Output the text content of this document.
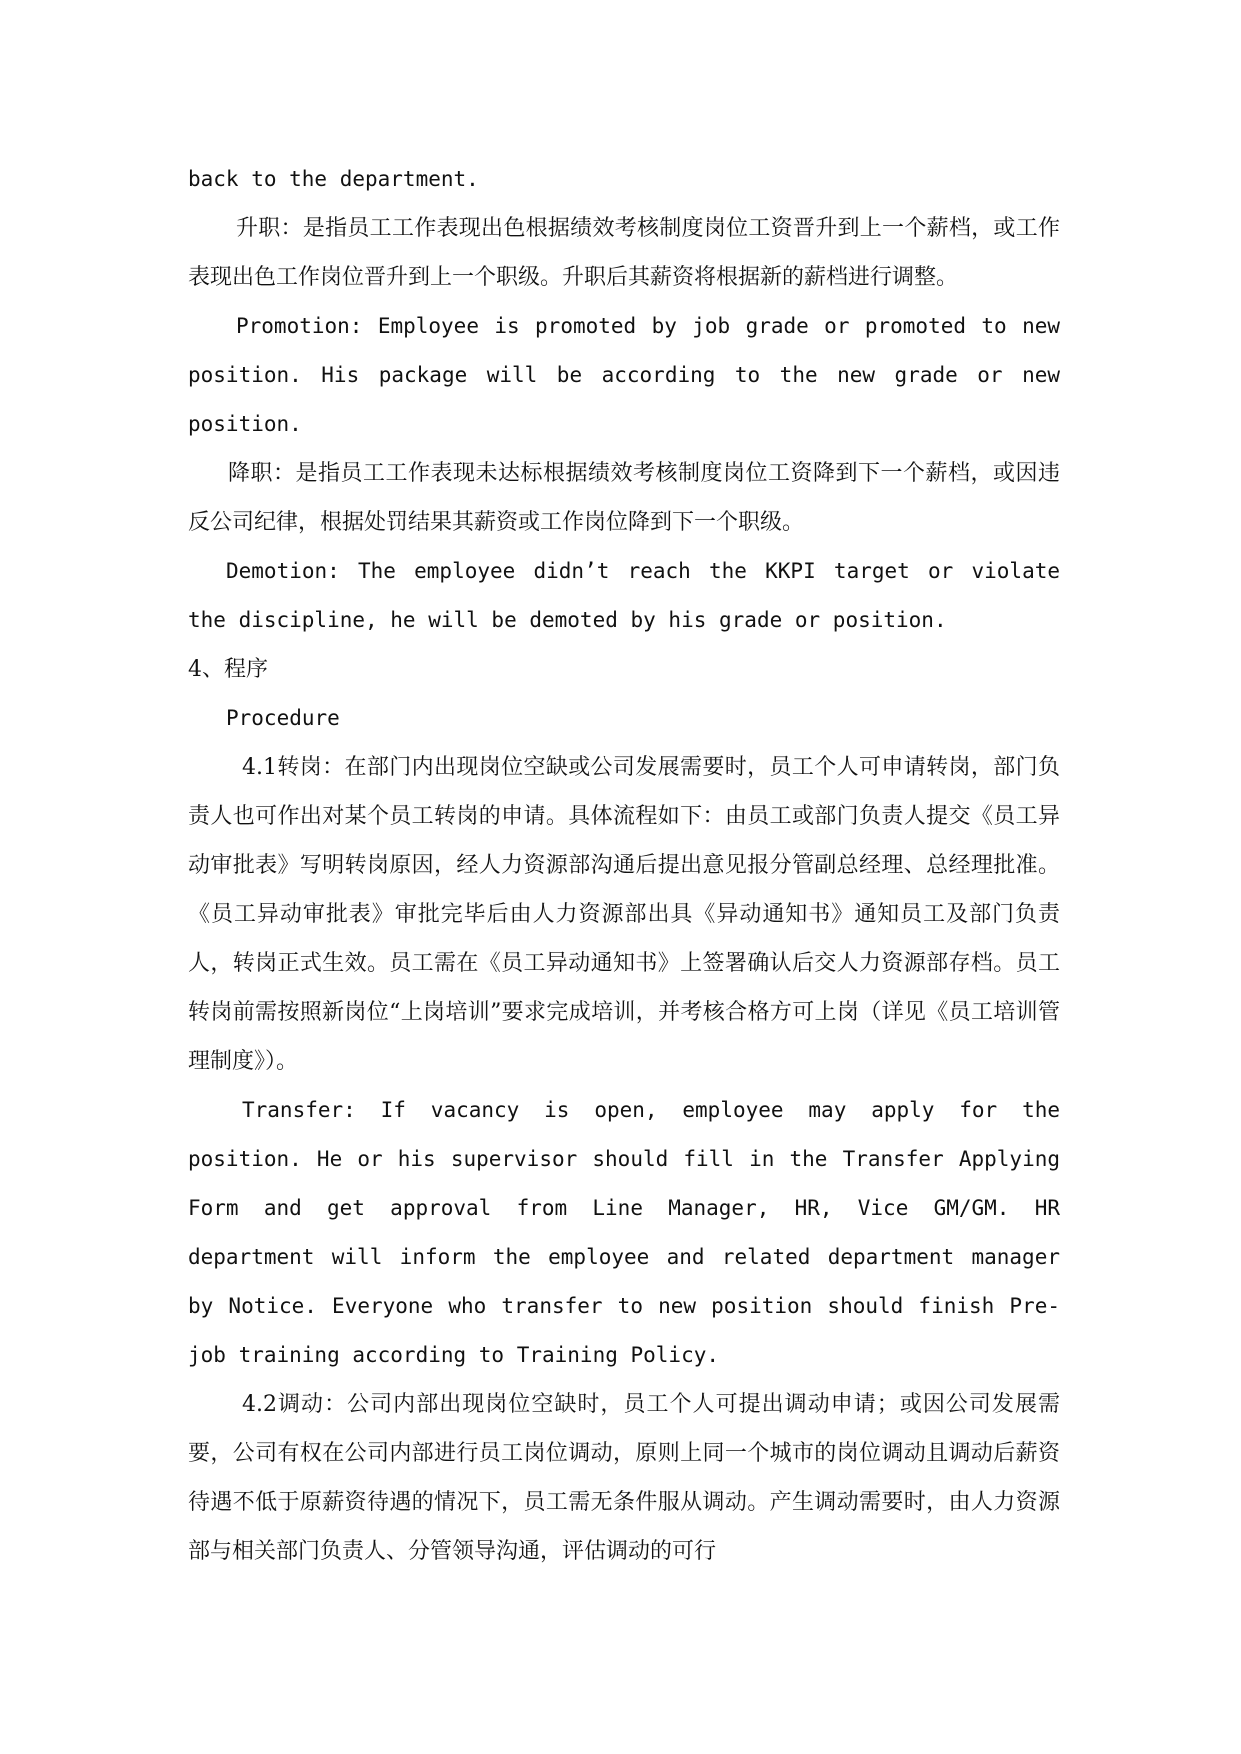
back to the department.

升职：是指员工工作表现出色根据绩效考核制度岗位工资晋升到上一个薪档，或工作表现出色工作岗位晋升到上一个职级。升职后其薪资将根据新的薪档进行调整。

Promotion: Employee is promoted by job grade or promoted to new position. His package will be according to the new grade or new position.

降职：是指员工工作表现未达标根据绩效考核制度岗位工资降到下一个薪档，或因违反公司纪律，根据处罚结果其薪资或工作岗位降到下一个职级。

Demotion: The employee didn’t reach the KKPI target or violate the discipline, he will be demoted by his grade or position.

4、程序

Procedure

4.1转岗：在部门内出现岗位空缺或公司发展需要时，员工个人可申请转岗，部门负责人也可作出对某个员工转岗的申请。具体流程如下：由员工或部门负责人提交《员工异动审批表》写明转岗原因，经人力资源部沟通后提出意见报分管副总经理、总经理批准。《员工异动审批表》审批完毕后由人力资源部出具《异动通知书》通知员工及部门负责人，转岗正式生效。员工需在《员工异动通知书》上签署确认后交人力资源部存档。员工转岗前需按照新岗位“上岗培训”要求完成培训，并考核合格方可上岗（详见《员工培训管理制度》）。

Transfer: If vacancy is open, employee may apply for the position. He or his supervisor should fill in the Transfer Applying Form and get approval from Line Manager, HR, Vice GM/GM. HR department will inform the employee and related department manager by Notice. Everyone who transfer to new position should finish Pre-job training according to Training Policy.

4.2调动：公司内部出现岗位空缺时，员工个人可提出调动申请；或因公司发展需要，公司有权在公司内部进行员工岗位调动，原则上同一个城市的岗位调动且调动后薪资待遇不低于原薪资待遇的情况下，员工需无条件服从调动。产生调动需要时，由人力资源部与相关部门负责人、分管领导沟通，评估调动的可行
